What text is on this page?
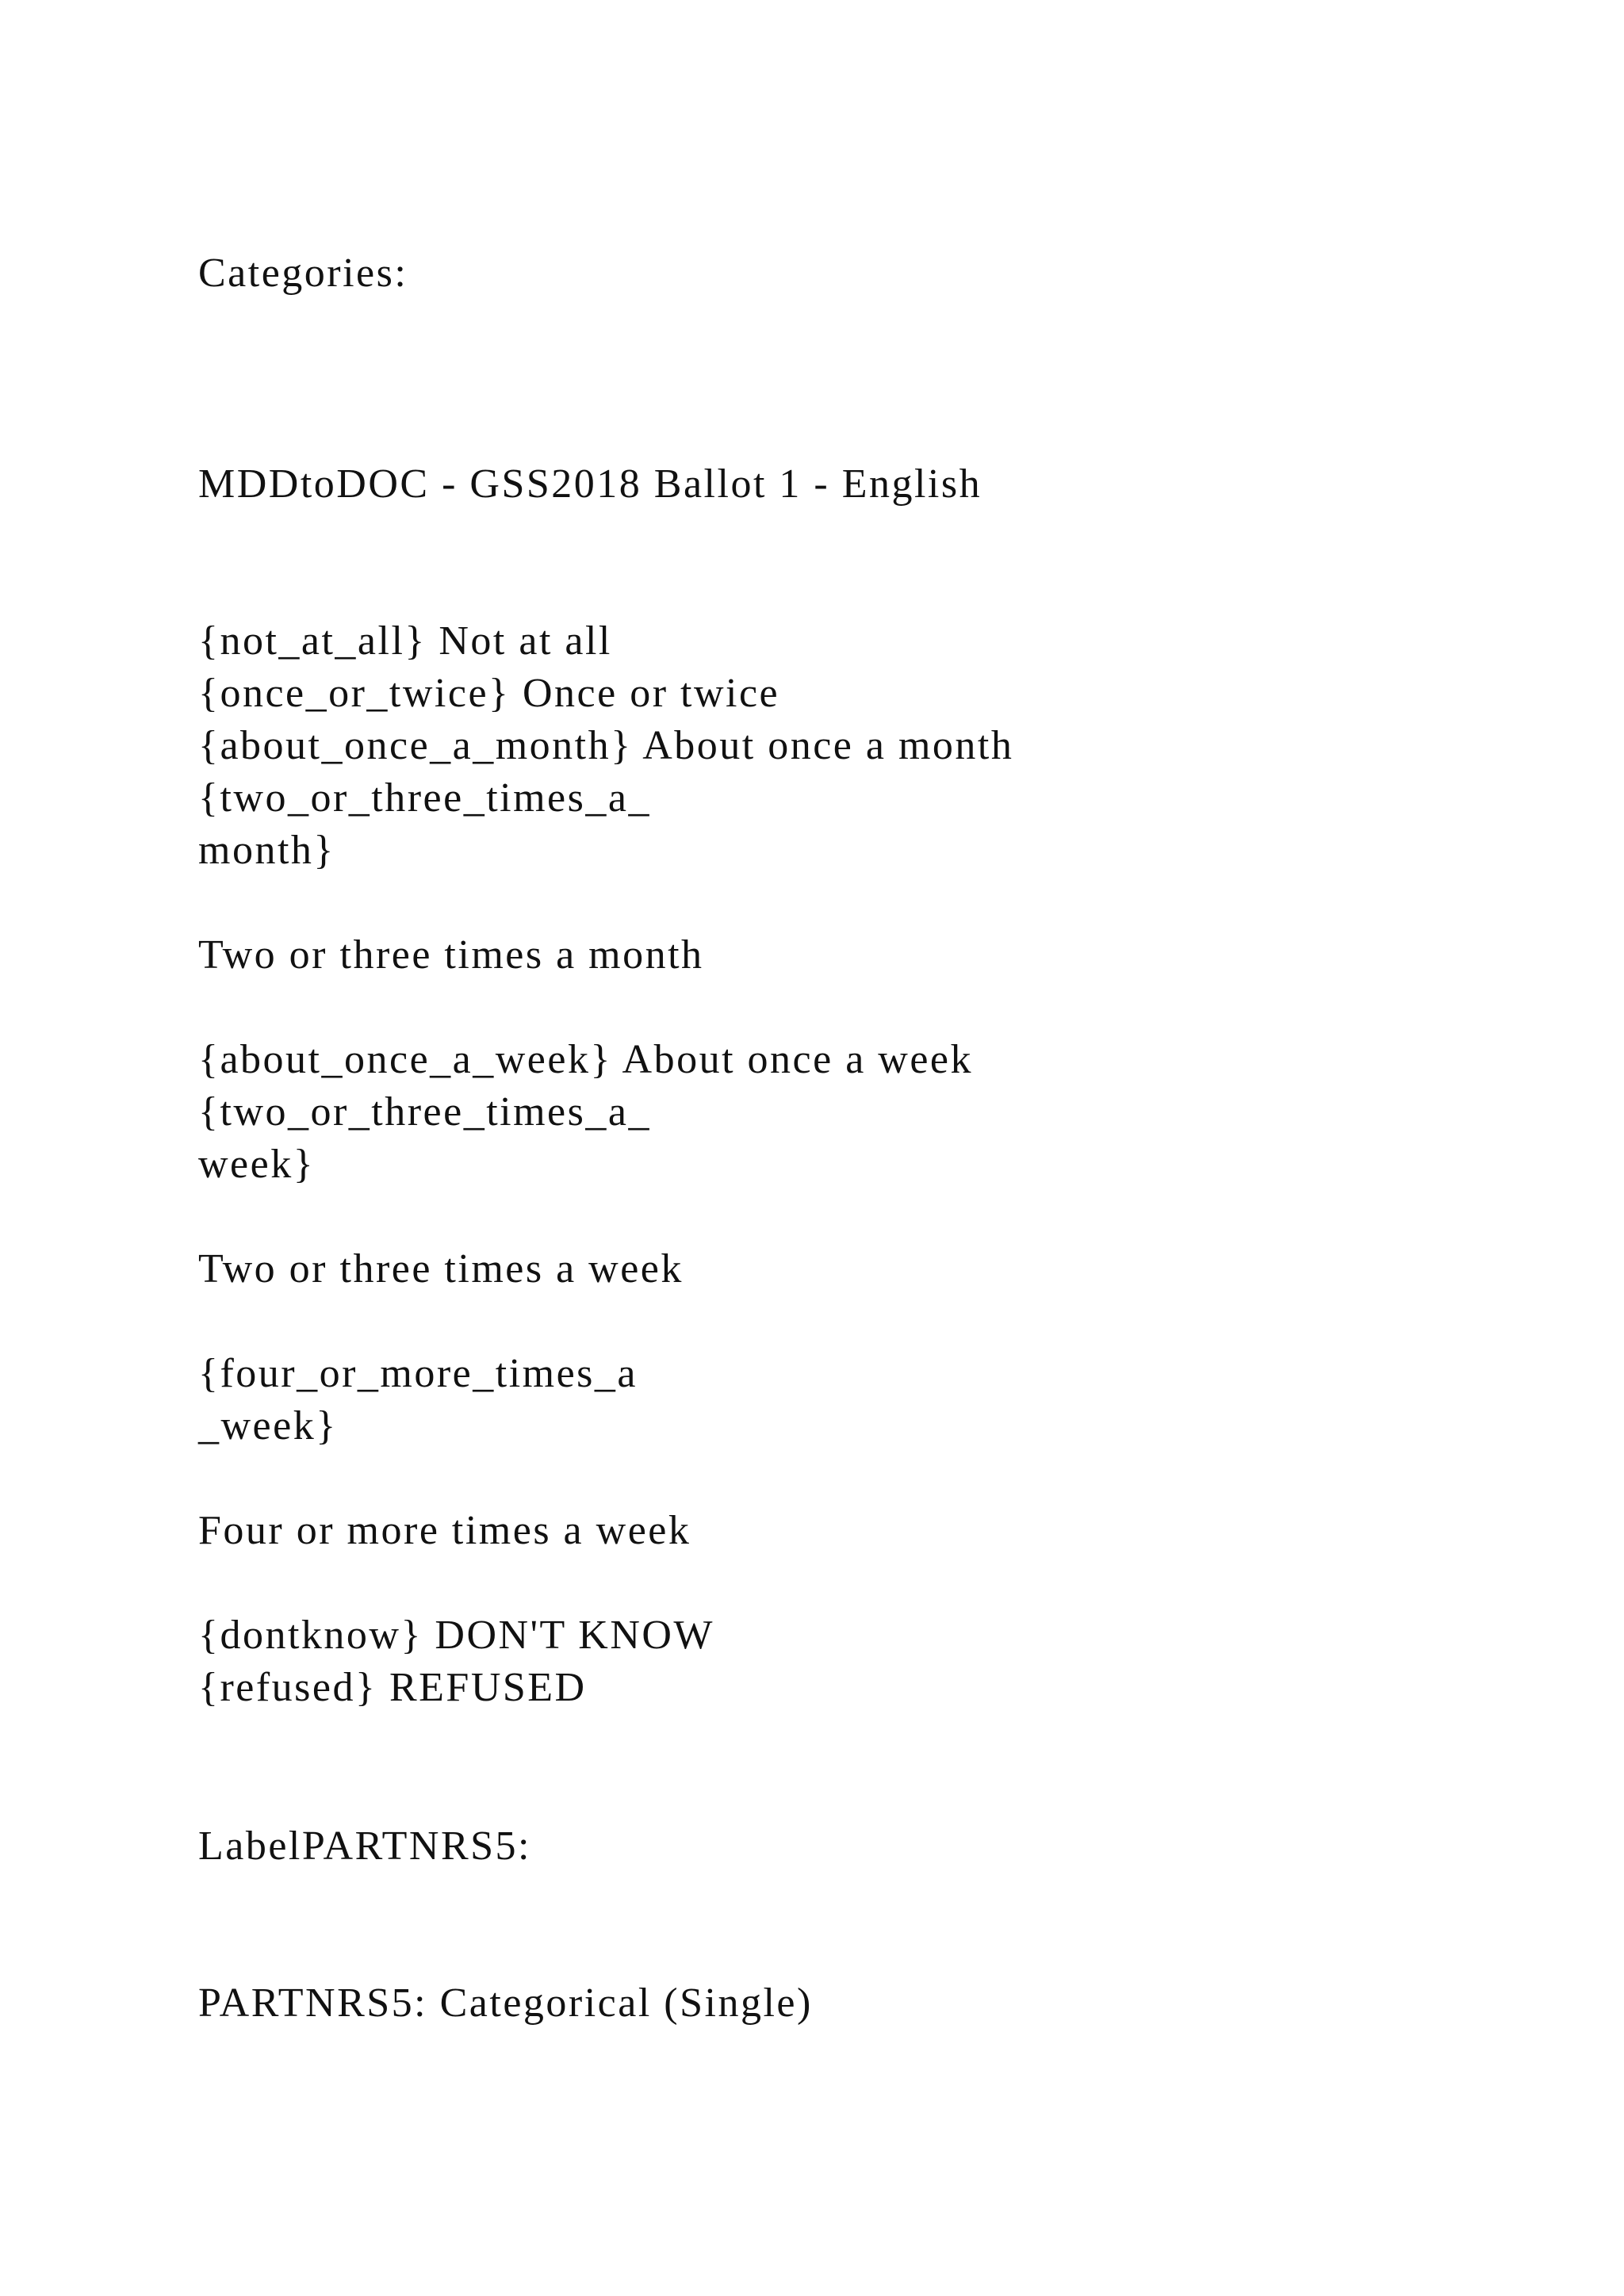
Categories:
MDDtoDOC - GSS2018 Ballot 1 - English
{not_at_all} Not at all
{once_or_twice} Once or twice
{about_once_a_month} About once a month
{two_or_three_times_a_
month}
Two or three times a month
{about_once_a_week} About once a week
{two_or_three_times_a_
week}
Two or three times a week
{four_or_more_times_a
_week}
Four or more times a week
{dontknow} DON'T KNOW
{refused} REFUSED
LabelPARTNRS5:
PARTNRS5: Categorical (Single)
